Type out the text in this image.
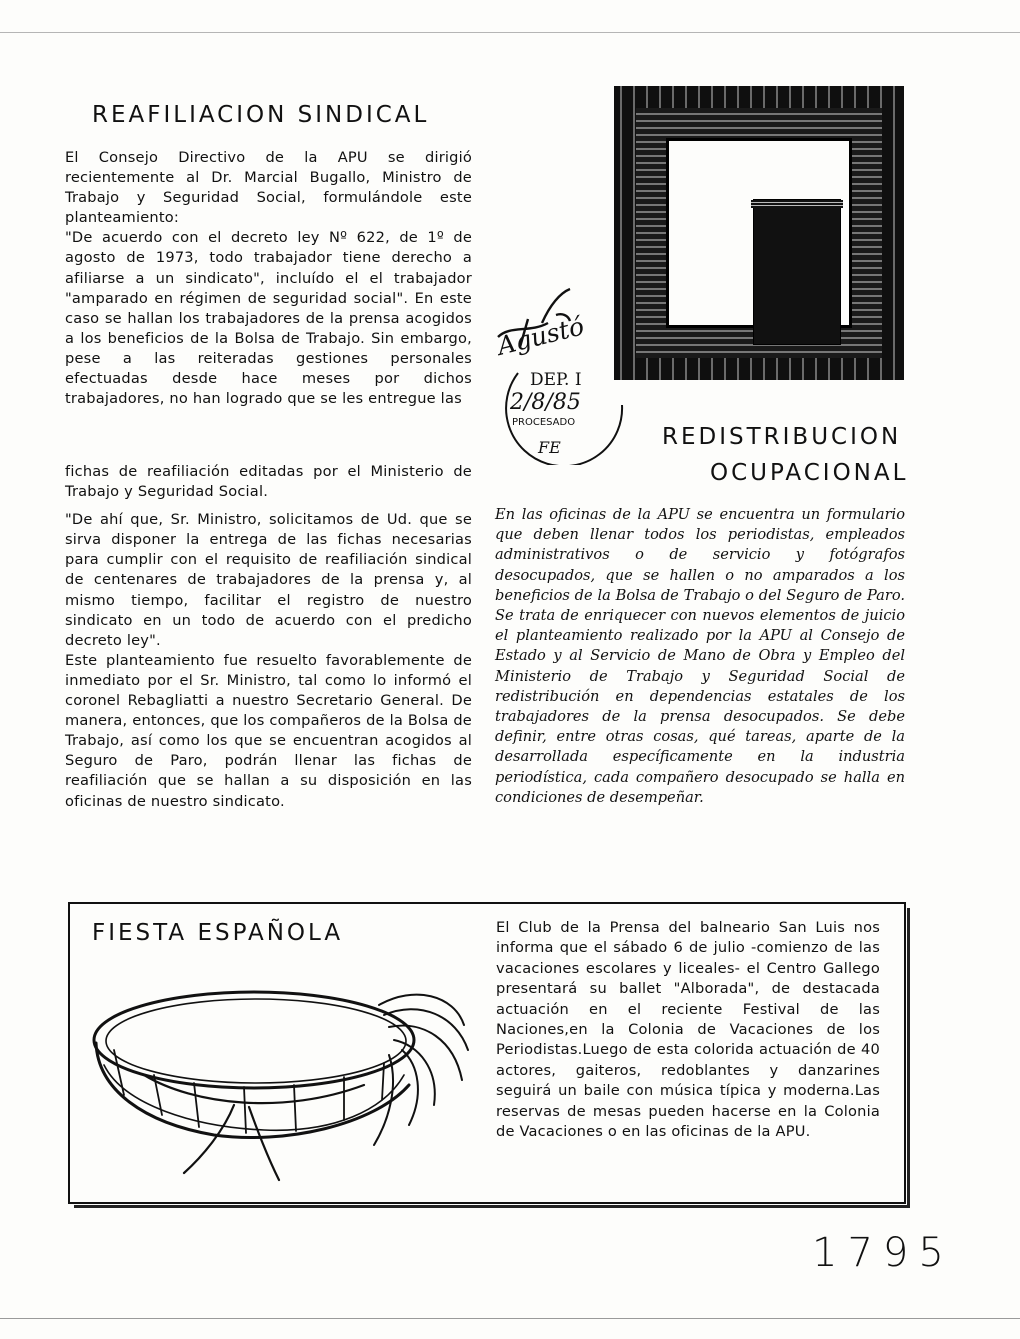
REAFILIACION SINDICAL

El Consejo Directivo de la APU se dirigió recientemente al Dr. Marcial Bugallo, Ministro de Trabajo y Seguridad Social, formulándole este planteamiento:

"De acuerdo con el decreto ley Nº 622, de 1º de agosto de 1973, todo trabajador tiene derecho a afiliarse a un sindicato", incluído el el trabajador "amparado en régimen de seguridad social". En este caso se hallan los trabajadores de la prensa acogidos a los beneficios de la Bolsa de Trabajo. Sin embargo, pese a las reiteradas gestiones personales efectuadas desde hace meses por dichos trabajadores, no han logrado que se les entregue las

fichas de reafiliación editadas por el Ministerio de Trabajo y Seguridad Social.

"De ahí que, Sr. Ministro, solicitamos de Ud. que se sirva disponer la entrega de las fichas necesarias para cumplir con el requisito de reafiliación sindical de centenares de trabajadores de la prensa y, al mismo tiempo, facilitar el registro de nuestro sindicato en un todo de acuerdo con el predicho decreto ley".

Este planteamiento fue resuelto favorablemente de inmediato por el Sr. Ministro, tal como lo informó el coronel Rebagliatti a nuestro Secretario General. De manera, entonces, que los compañeros de la Bolsa de Trabajo, así como los que se encuentran acogidos al Seguro de Paro, podrán llenar las fichas de reafiliación que se hallan a su disposición en las oficinas de nuestro sindicato.

Agustó
DEP. I
2/8/85
PROCESADO
FE	REDISTRIBUCION
OCUPACIONAL

En las oficinas de la APU se encuentra un formulario que deben llenar todos los periodistas, empleados administrativos o de servicio y fotógrafos desocupados, que se hallen o no amparados a los beneficios de la Bolsa de Trabajo o del Seguro de Paro. Se trata de enriquecer con nuevos elementos de juicio el planteamiento realizado por la APU al Consejo de Estado y al Servicio de Mano de Obra y Empleo del Ministerio de Trabajo y Seguridad Social de redistribución en dependencias estatales de los trabajadores de la prensa desocupados. Se debe definir, entre otras cosas, qué tareas, aparte de la desarrollada específicamente en la industria periodística, cada compañero desocupado se halla en condiciones de desempeñar.

FIESTA ESPAÑOLA	El Club de la Prensa del balneario San Luis nos informa que el sábado 6 de julio -comienzo de las vacaciones escolares y liceales- el Centro Gallego presentará su ballet "Alborada", de destacada actuación en el reciente Festival de las Naciones,en la Colonia de Vacaciones de los Periodistas.Luego de esta colorida actuación de 40 actores, gaiteros, redoblantes y danzarines seguirá un baile con música típica y moderna.Las reservas de mesas pueden hacerse en la Colonia de Vacaciones o en las oficinas de la APU.

1795
